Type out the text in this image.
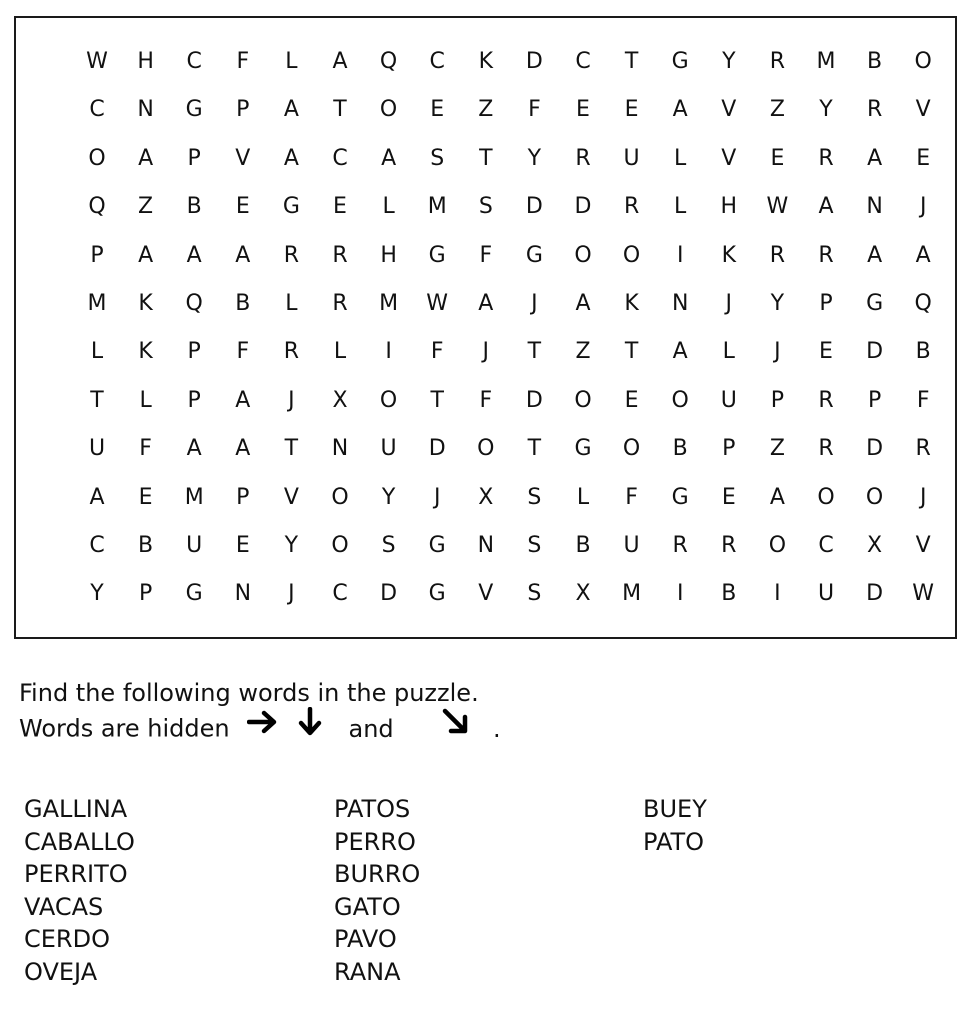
W	H	C	F	L	A	Q	C	K	D	C	T	G	Y	R	M	B	O
C	N	G	P	A	T	O	E	Z	F	E	E	A	V	Z	Y	R	V
O	A	P	V	A	C	A	S	T	Y	R	U	L	V	E	R	A	E
Q	Z	B	E	G	E	L	M	S	D	D	R	L	H	W	A	N	J
P	A	A	A	R	R	H	G	F	G	O	O	I	K	R	R	A	A
M	K	Q	B	L	R	M	W	A	J	A	K	N	J	Y	P	G	Q
L	K	P	F	R	L	I	F	J	T	Z	T	A	L	J	E	D	B
T	L	P	A	J	X	O	T	F	D	O	E	O	U	P	R	P	F
U	F	A	A	T	N	U	D	O	T	G	O	B	P	Z	R	D	R
A	E	M	P	V	O	Y	J	X	S	L	F	G	E	A	O	O	J
C	B	U	E	Y	O	S	G	N	S	B	U	R	R	O	C	X	V
Y	P	G	N	J	C	D	G	V	S	X	M	I	B	I	U	D	W
Find the following words in the puzzle.
Words are hidden	and	.
GALLINA
CABALLO
PERRITO
VACAS
CERDO
OVEJA
PATOS
PERRO
BURRO
GATO
PAVO
RANA
BUEY
PATO
